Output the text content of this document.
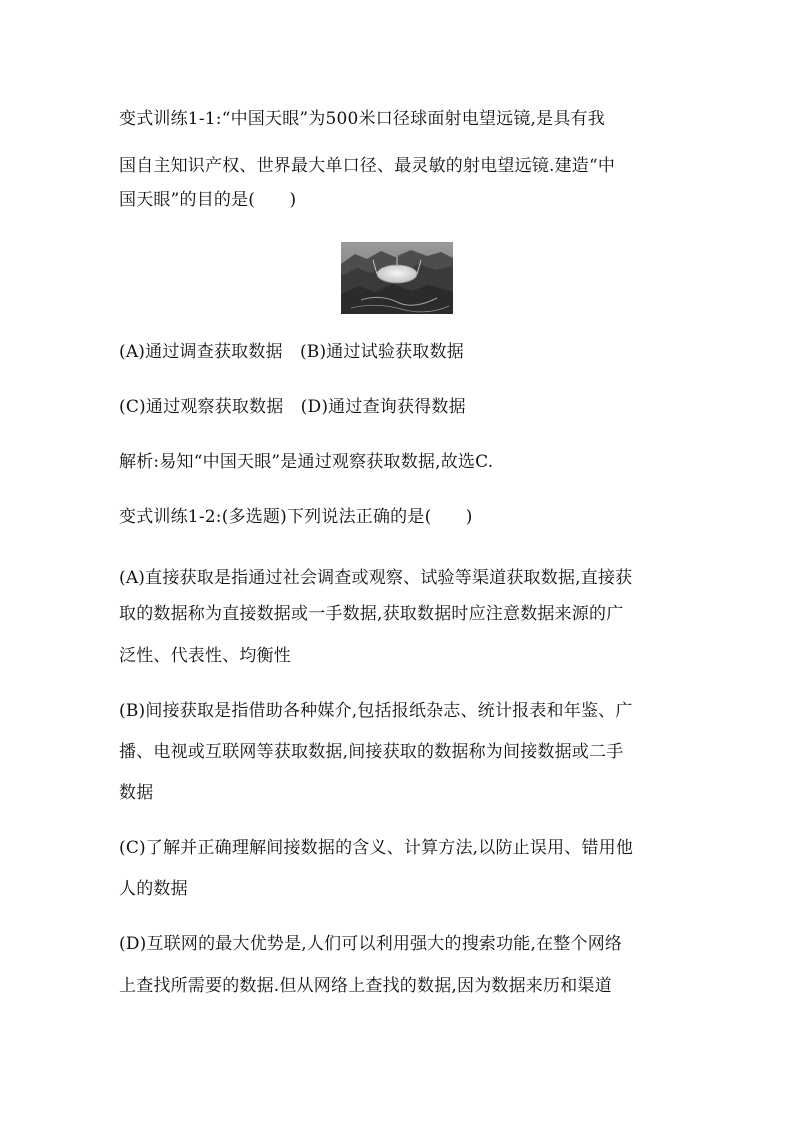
变式训练1-1:“中国天眼”为500米口径球面射电望远镜,是具有我
国自主知识产权、世界最大单口径、最灵敏的射电望远镜.建造“中
国天眼”的目的是(　　)
(A)通过调查获取数据　(B)通过试验获取数据
(C)通过观察获取数据　(D)通过查询获得数据
解析:易知“中国天眼”是通过观察获取数据,故选C.
变式训练1-2:(多选题)下列说法正确的是(　　)
(A)直接获取是指通过社会调查或观察、试验等渠道获取数据,直接获
取的数据称为直接数据或一手数据,获取数据时应注意数据来源的广
泛性、代表性、均衡性
(B)间接获取是指借助各种媒介,包括报纸杂志、统计报表和年鉴、广
播、电视或互联网等获取数据,间接获取的数据称为间接数据或二手
数据
(C)了解并正确理解间接数据的含义、计算方法,以防止误用、错用他
人的数据
(D)互联网的最大优势是,人们可以利用强大的搜索功能,在整个网络
上查找所需要的数据.但从网络上查找的数据,因为数据来历和渠道
